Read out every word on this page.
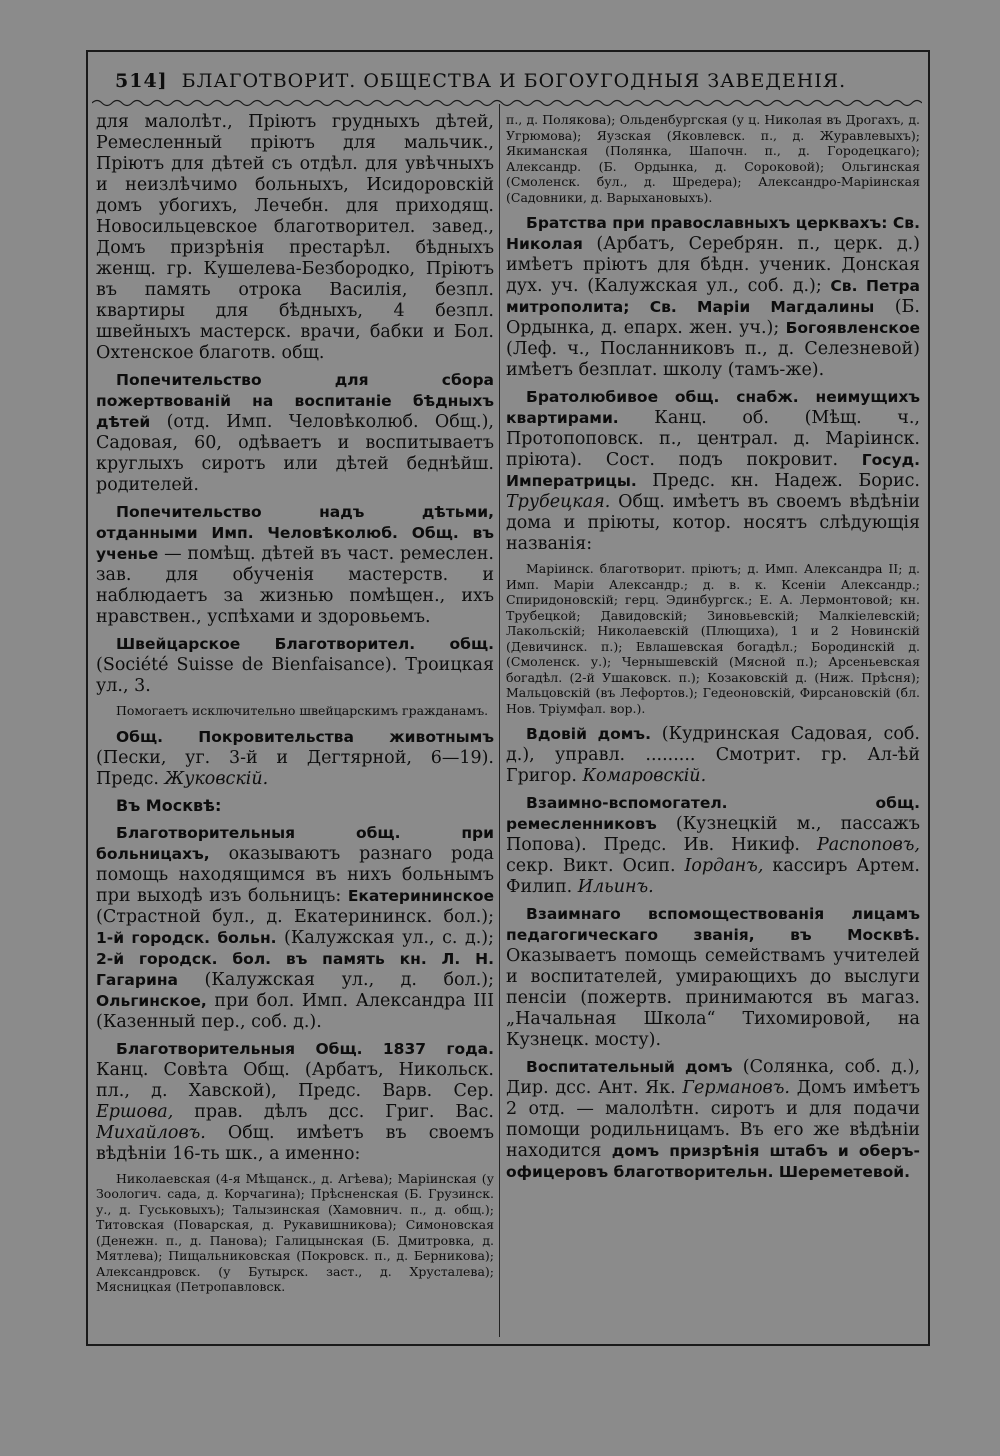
514] БЛАГОТВОРИТ. ОБЩЕСТВА И БОГОУГОДНЫЯ ЗАВЕДЕНІЯ.

для малолѣт., Пріютъ грудныхъ дѣтей, Ремесленный пріютъ для мальчик., Пріютъ для дѣтей съ отдѣл. для увѣчныхъ и неизлѣчимо больныхъ, Исидоровскій домъ убогихъ, Лечебн. для приходящ. Новосильцевское благотворител. завед., Домъ призрѣнія престарѣл. бѣдныхъ женщ. гр. Кушелева-Безбородко, Пріютъ въ память отрока Василія, безпл. квартиры для бѣдныхъ, 4 безпл. швейныхъ мастерск. врачи, бабки и Бол. Охтенское благотв. общ.

Попечительство для сбора пожертвованій на воспитаніе бѣдныхъ дѣтей (отд. Имп. Человѣколюб. Общ.), Садовая, 60, одѣваетъ и воспитываетъ круглыхъ сиротъ или дѣтей беднѣйш. родителей.

Попечительство надъ дѣтьми, отданными Имп. Человѣколюб. Общ. въ ученье — помѣщ. дѣтей въ част. ремеслен. зав. для обученія мастерств. и наблюдаетъ за жизнью помѣщен., ихъ нравствен., успѣхами и здоровьемъ.

Швейцарское Благотворител. общ. (Société Suisse de Bienfaisance). Троицкая ул., 3.

Помогаетъ исключительно швейцарскимъ гражданамъ.

Общ. Покровительства животнымъ (Пески, уг. 3-й и Дегтярной, 6—19). Предс. Жуковскій.

Въ Москвѣ:

Благотворительныя общ. при больницахъ, оказываютъ разнаго рода помощь находящимся въ нихъ больнымъ при выходѣ изъ больницъ: Екатерининское (Страстной бул., д. Екатерининск. бол.); 1-й городск. больн. (Калужская ул., с. д.); 2-й городск. бол. въ память кн. Л. Н. Гагарина (Калужская ул., д. бол.); Ольгинское, при бол. Имп. Александра III (Казенный пер., соб. д.).

Благотворительныя Общ. 1837 года. Канц. Совѣта Общ. (Арбатъ, Никольск. пл., д. Хавской), Предс. Варв. Сер. Ершова, прав. дѣлъ дсс. Григ. Вас. Михайловъ. Общ. имѣетъ въ своемъ вѣдѣніи 16-ть шк., а именно:

Николаевская (4-я Мѣщанск., д. Агѣева); Маріинская (у Зоологич. сада, д. Корчагина); Прѣсненская (Б. Грузинск. у., д. Гуськовыхъ); Талызинская (Хамовнич. п., д. общ.); Титовская (Поварская, д. Рукавишникова); Симоновская (Денежн. п., д. Панова); Галицынская (Б. Дмитровка, д. Мятлева); Пищальниковская (Покровск. п., д. Берникова); Александровск. (у Бутырск. заст., д. Хрусталева); Мясницкая (Петропавловск.

п., д. Полякова); Ольденбургская (у ц. Николая въ Дрогахъ, д. Угрюмова); Яузская (Яковлевск. п., д. Журавлевыхъ); Якиманская (Полянка, Шапочн. п., д. Городецкаго); Александр. (Б. Ордынка, д. Сороковой); Ольгинская (Смоленск. бул., д. Шредера); Александро-Маріинская (Садовники, д. Варыхановыхъ).

Братства при православныхъ церквахъ: Св. Николая (Арбатъ, Серебрян. п., церк. д.) имѣетъ пріютъ для бѣдн. ученик. Донская дух. уч. (Калужская ул., соб. д.); Св. Петра митрополита; Св. Маріи Магдалины (Б. Ордынка, д. епарх. жен. уч.); Богоявленское (Леф. ч., Посланниковъ п., д. Селезневой) имѣетъ безплат. школу (тамъ-же).

Братолюбивое общ. снабж. неимущихъ квартирами. Канц. об. (Мѣщ. ч., Протопоповск. п., централ. д. Маріинск. пріюта). Сост. подъ покровит. Госуд. Императрицы. Предс. кн. Надеж. Борис. Трубецкая. Общ. имѣетъ въ своемъ вѣдѣніи дома и пріюты, котор. носятъ слѣдующія названія:

Маріинск. благотворит. пріютъ; д. Имп. Александра II; д. Имп. Маріи Александр.; д. в. к. Ксеніи Александр.; Спиридоновскій; герц. Эдинбургск.; Е. А. Лермонтовой; кн. Трубецкой; Давидовскій; Зиновьевскій; Малкіелевскій; Лакольскій; Николаевскій (Плющиха), 1 и 2 Новинскій (Девичинск. п.); Евлашевская богадѣл.; Бородинскій д. (Смоленск. у.); Чернышевскій (Мясной п.); Арсеньевская богадѣл. (2-й Ушаковск. п.); Козаковскій д. (Ниж. Прѣсня); Мальцовскій (въ Лефортов.); Гедеоновскій, Фирсановскій (бл. Нов. Тріумфал. вор.).

Вдовій домъ. (Кудринская Садовая, соб. д.), управл. ......... Смотрит. гр. Ал-ѣй Григор. Комаровскій.

Взаимно-вспомогател. общ. ремесленниковъ (Кузнецкій м., пассажъ Попова). Предс. Ив. Никиф. Распоповъ, секр. Викт. Осип. Іорданъ, кассиръ Артем. Филип. Ильинъ.

Взаимнаго вспомоществованія лицамъ педагогическаго званія, въ Москвѣ. Оказываетъ помощь семействамъ учителей и воспитателей, умирающихъ до выслуги пенсіи (пожертв. принимаются въ магаз. „Начальная Школа“ Тихомировой, на Кузнецк. мосту).

Воспитательный домъ (Солянка, соб. д.), Дир. дсс. Ант. Як. Германовъ. Домъ имѣетъ 2 отд. — малолѣтн. сиротъ и для подачи помощи родильницамъ. Въ его же вѣдѣніи находится домъ призрѣнія штабъ и оберъ-офицеровъ благотворительн. Шереметевой.
